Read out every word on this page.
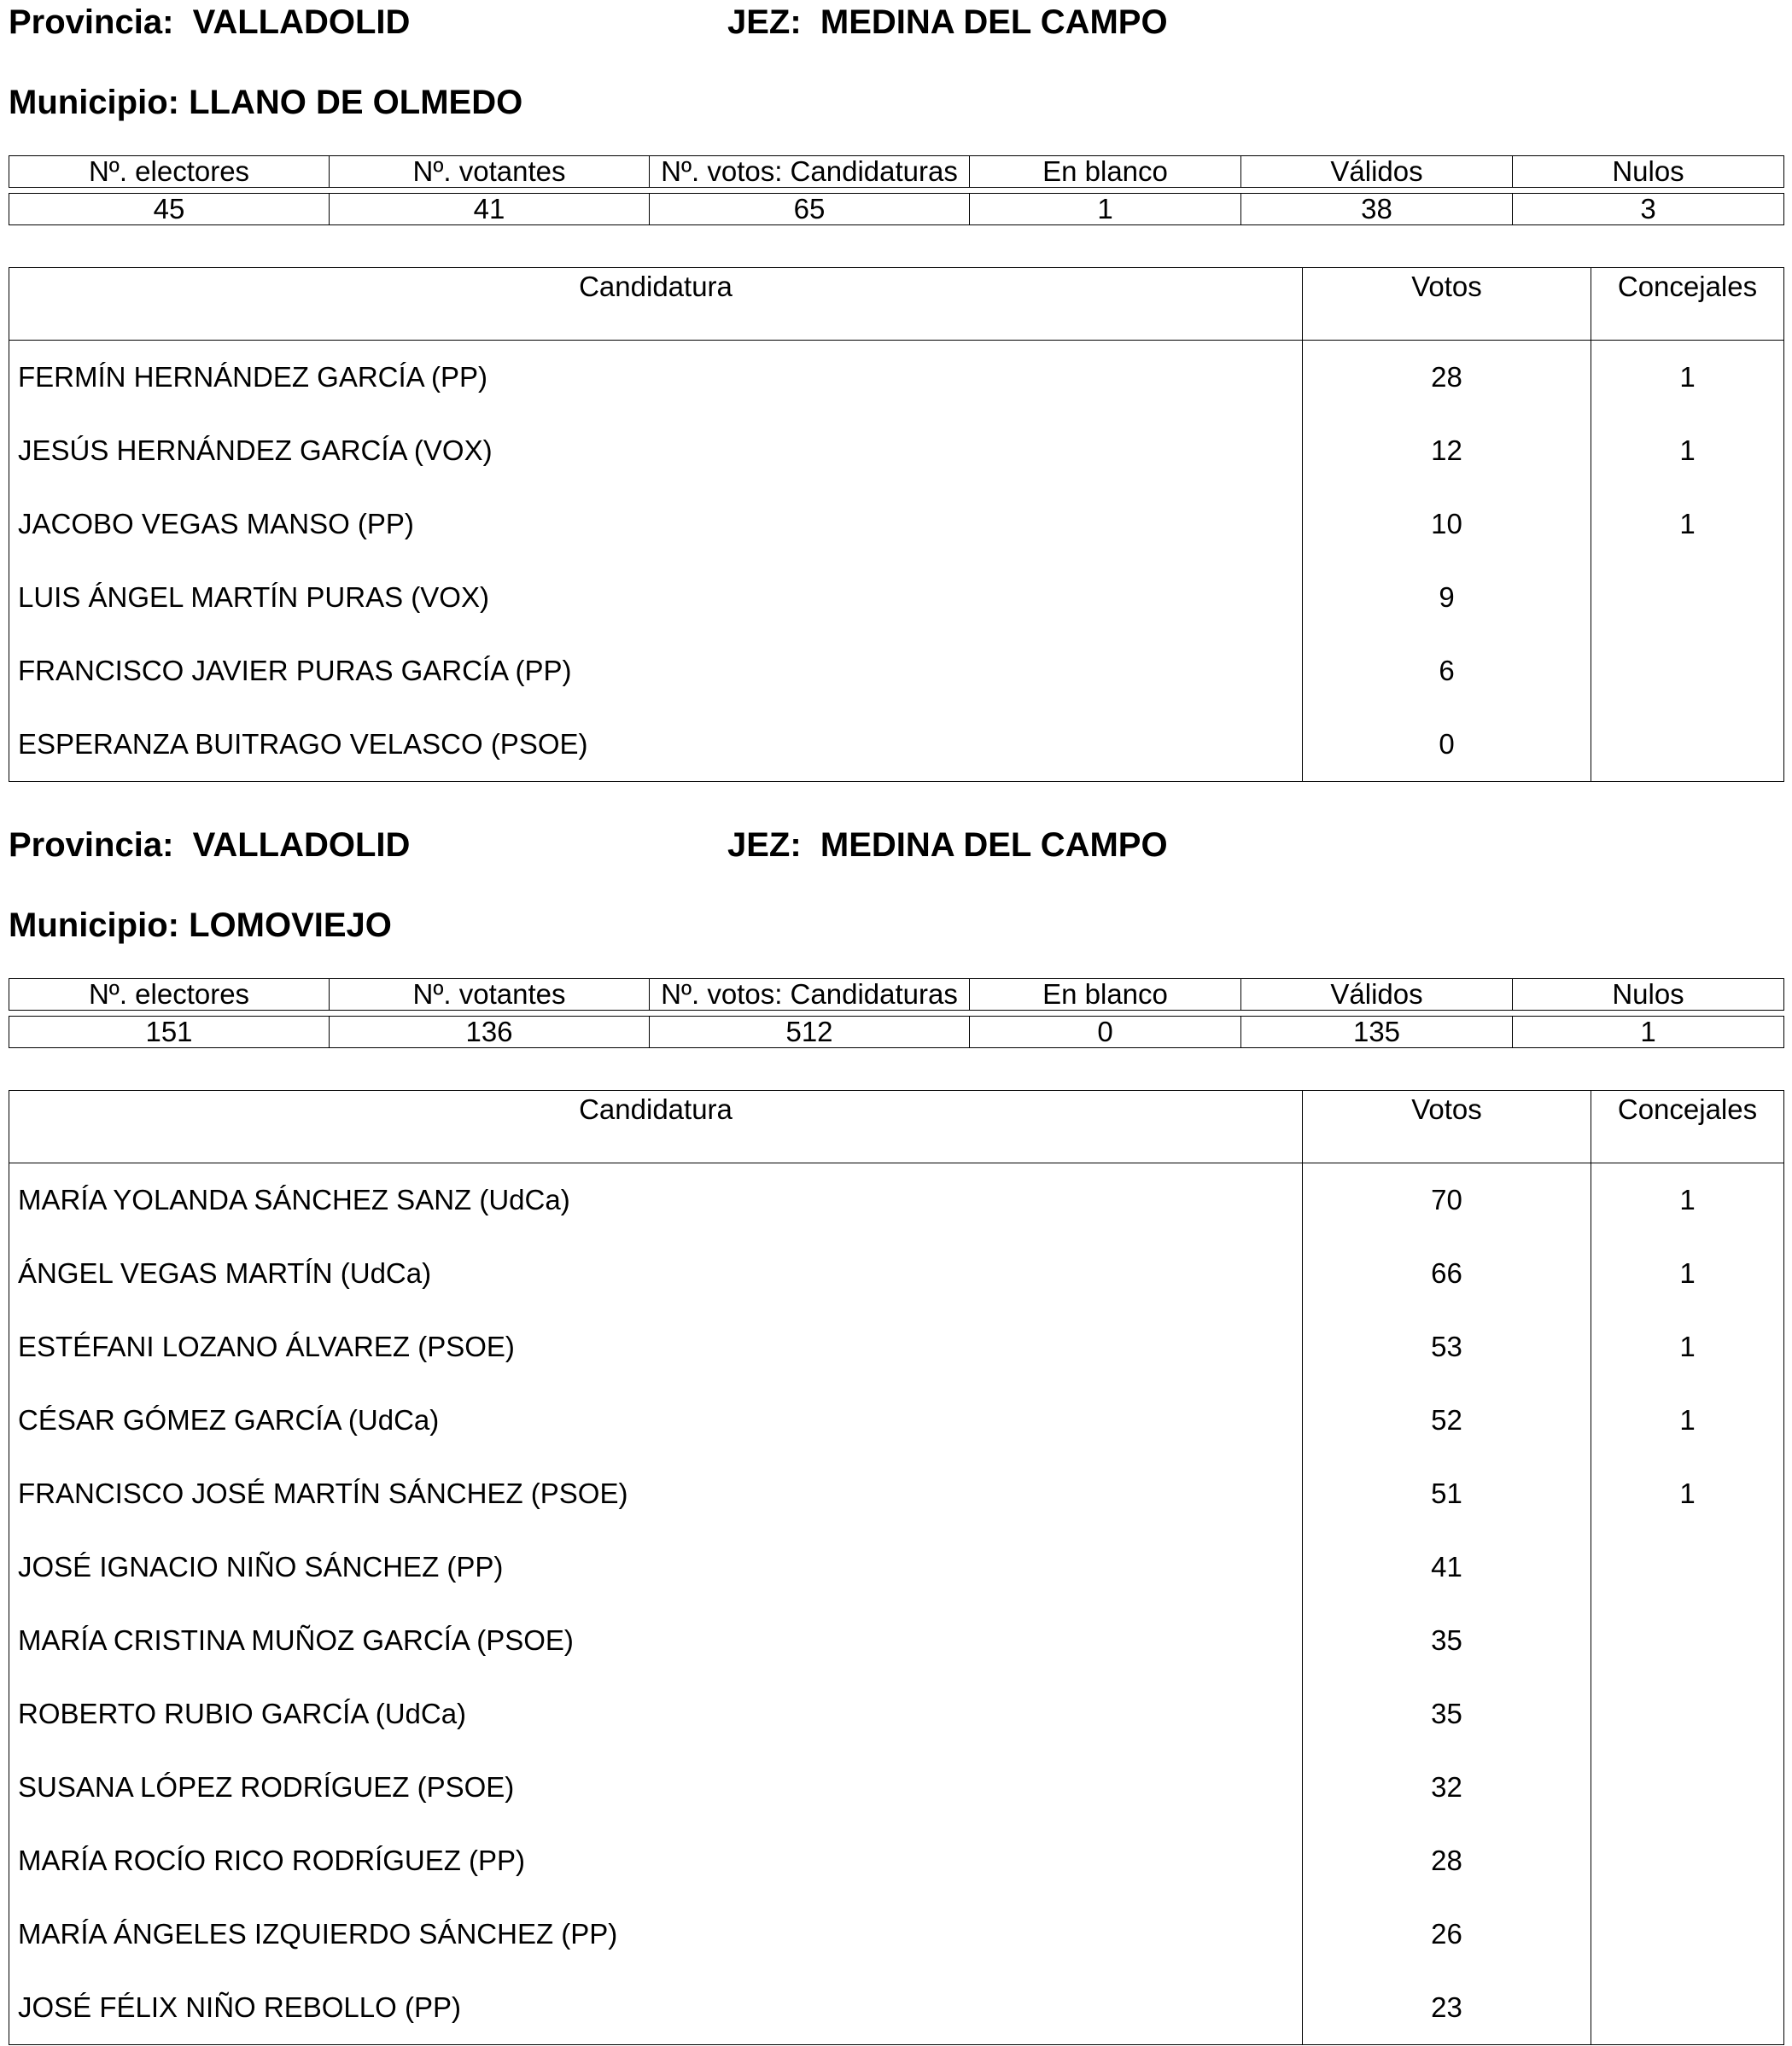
Provincia: VALLADOLID	JEZ: MEDINA DEL CAMPO
Municipio: LLANO DE OLMEDO
Nº. electores	Nº. votantes	Nº. votos: Candidaturas	En blanco	Válidos	Nulos
45	41	65	1	38	3
Candidatura	Votos	Concejales
FERMÍN HERNÁNDEZ GARCÍA (PP)	28	1
JESÚS HERNÁNDEZ GARCÍA (VOX)	12	1
JACOBO VEGAS MANSO (PP)	10	1
LUIS ÁNGEL MARTÍN PURAS (VOX)	9	
FRANCISCO JAVIER PURAS GARCÍA (PP)	6	
ESPERANZA BUITRAGO VELASCO (PSOE)	0	
Provincia: VALLADOLID	JEZ: MEDINA DEL CAMPO
Municipio: LOMOVIEJO
Nº. electores	Nº. votantes	Nº. votos: Candidaturas	En blanco	Válidos	Nulos
151	136	512	0	135	1
Candidatura	Votos	Concejales
MARÍA YOLANDA SÁNCHEZ SANZ (UdCa)	70	1
ÁNGEL VEGAS MARTÍN (UdCa)	66	1
ESTÉFANI LOZANO ÁLVAREZ (PSOE)	53	1
CÉSAR GÓMEZ GARCÍA (UdCa)	52	1
FRANCISCO JOSÉ MARTÍN SÁNCHEZ (PSOE)	51	1
JOSÉ IGNACIO NIÑO SÁNCHEZ (PP)	41	
MARÍA CRISTINA MUÑOZ GARCÍA (PSOE)	35	
ROBERTO RUBIO GARCÍA (UdCa)	35	
SUSANA LÓPEZ RODRÍGUEZ (PSOE)	32	
MARÍA ROCÍO RICO RODRÍGUEZ (PP)	28	
MARÍA ÁNGELES IZQUIERDO SÁNCHEZ (PP)	26	
JOSÉ FÉLIX NIÑO REBOLLO (PP)	23	
